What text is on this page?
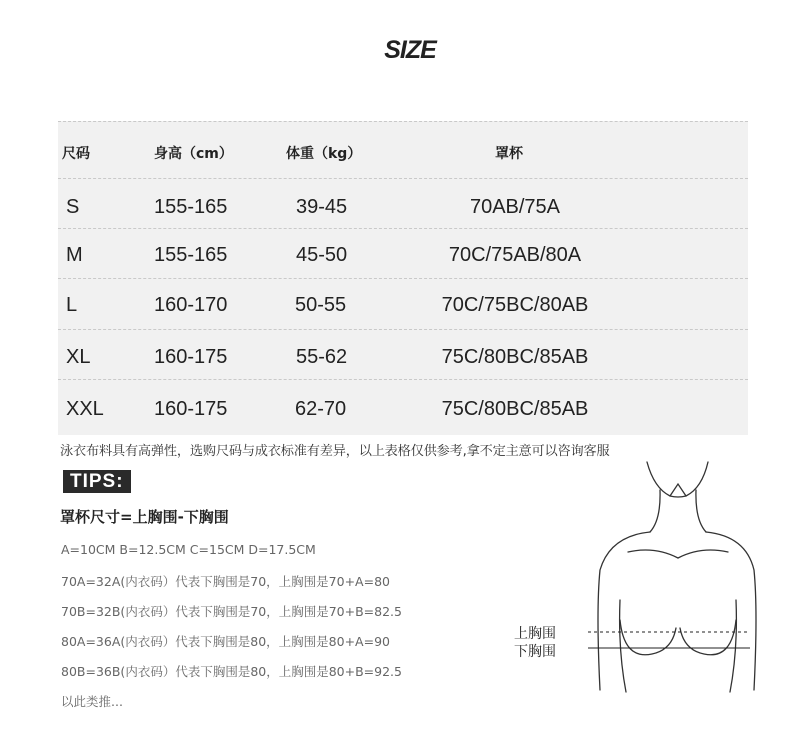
SIZE
尺码	身高（cm）	体重（kg）	罩杯
S	155-165	39-45	70AB/75A
M	155-165	45-50	70C/75AB/80A
L	160-170	50-55	70C/75BC/80AB
XL	160-175	55-62	75C/80BC/85AB
XXL	160-175	62-70	75C/80BC/85AB
泳衣布料具有高弹性，选购尺码与成衣标准有差异，以上表格仅供参考,拿不定主意可以咨询客服
TIPS:
罩杯尺寸=上胸围-下胸围
A=10CM B=12.5CM C=15CM D=17.5CM
70A=32A(内衣码）代表下胸围是70，上胸围是70+A=80
70B=32B(内衣码）代表下胸围是70，上胸围是70+B=82.5
80A=36A(内衣码）代表下胸围是80，上胸围是80+A=90
80B=36B(内衣码）代表下胸围是80，上胸围是80+B=92.5
以此类推...
上胸围
下胸围
